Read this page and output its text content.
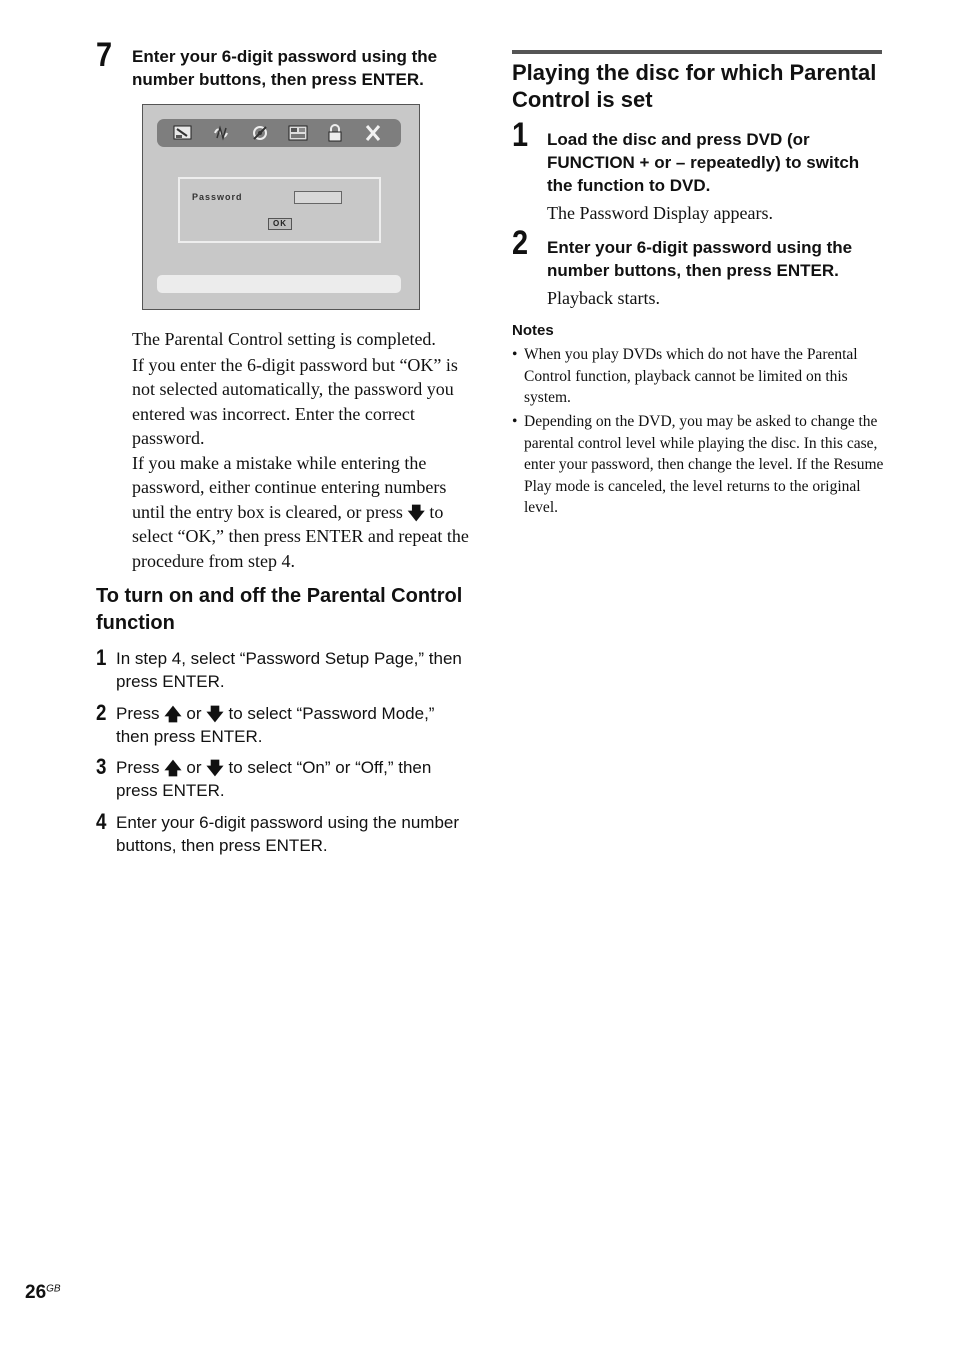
7 Enter your 6-digit password using the number buttons, then press ENTER.
Password
OK
The Parental Control setting is completed.
If you enter the 6-digit password but “OK” is not selected automatically, the password you entered was incorrect. Enter the correct password.
If you make a mistake while entering the password, either continue entering numbers until the entry box is cleared, or press 🡇 to select “OK,” then press ENTER and repeat the procedure from step 4.
To turn on and off the Parental Control function
1 In step 4, select “Password Setup Page,” then press ENTER.
2 Press 🡅 or 🡇 to select “Password Mode,” then press ENTER.
3 Press 🡅 or 🡇 to select “On” or “Off,” then press ENTER.
4 Enter your 6-digit password using the number buttons, then press ENTER.
Playing the disc for which Parental Control is set
1 Load the disc and press DVD (or FUNCTION + or – repeatedly) to switch the function to DVD.
The Password Display appears.
2 Enter your 6-digit password using the number buttons, then press ENTER.
Playback starts.
Notes
• When you play DVDs which do not have the Parental Control function, playback cannot be limited on this system.
• Depending on the DVD, you may be asked to change the parental control level while playing the disc. In this case, enter your password, then change the level. If the Resume Play mode is canceled, the level returns to the original level.
$26^{GB}$
